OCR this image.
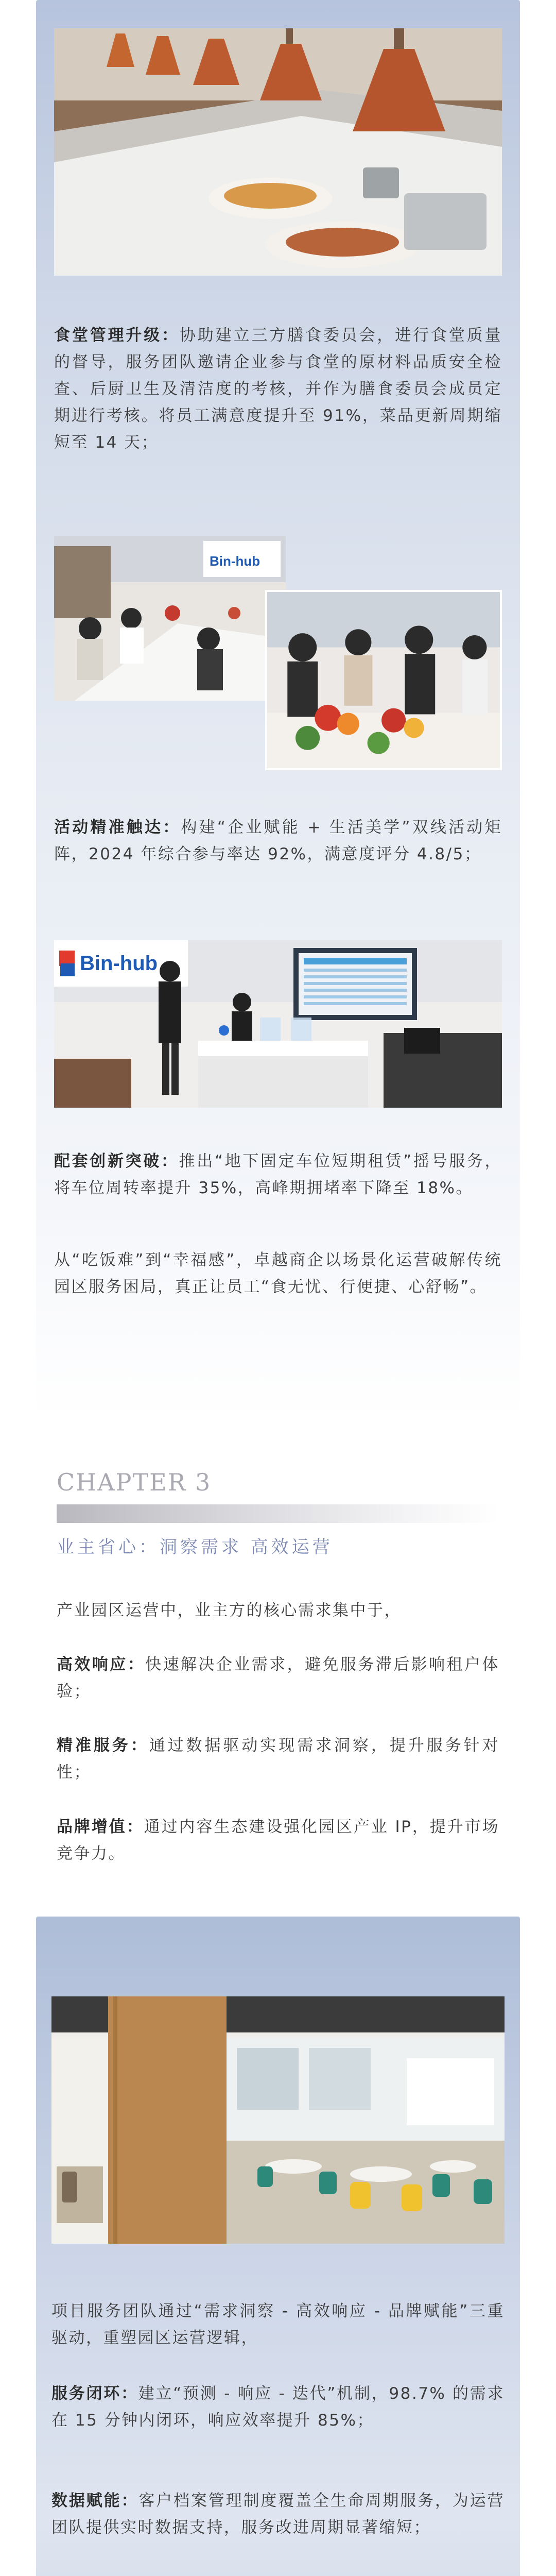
食堂管理升级：协助建立三方膳食委员会，进行食堂质量的督导，服务团队邀请企业参与食堂的原材料品质安全检查、后厨卫生及清洁度的考核，并作为膳食委员会成员定期进行考核。将员工满意度提升至 91%，菜品更新周期缩短至 14 天；
Bin-hub
活动精准触达：构建“企业赋能 + 生活美学”双线活动矩阵，2024 年综合参与率达 92%，满意度评分 4.8/5；
Bin-hub
配套创新突破：推出“地下固定车位短期租赁”摇号服务，将车位周转率提升 35%，高峰期拥堵率下降至 18%。
从“吃饭难”到“幸福感”，卓越商企以场景化运营破解传统园区服务困局，真正让员工“食无忧、行便捷、心舒畅”。
CHAPTER 3
业主省心：洞察需求 高效运营
产业园区运营中，业主方的核心需求集中于，
高效响应：快速解决企业需求，避免服务滞后影响租户体验；
精准服务：通过数据驱动实现需求洞察，提升服务针对性；
品牌增值：通过内容生态建设强化园区产业 IP，提升市场竞争力。
项目服务团队通过“需求洞察 - 高效响应 - 品牌赋能”三重驱动，重塑园区运营逻辑，
服务闭环：建立“预测 - 响应 - 迭代”机制，98.7% 的需求在 15 分钟内闭环，响应效率提升 85%；
数据赋能：客户档案管理制度覆盖全生命周期服务，为运营团队提供实时数据支持，服务改进周期显著缩短；
